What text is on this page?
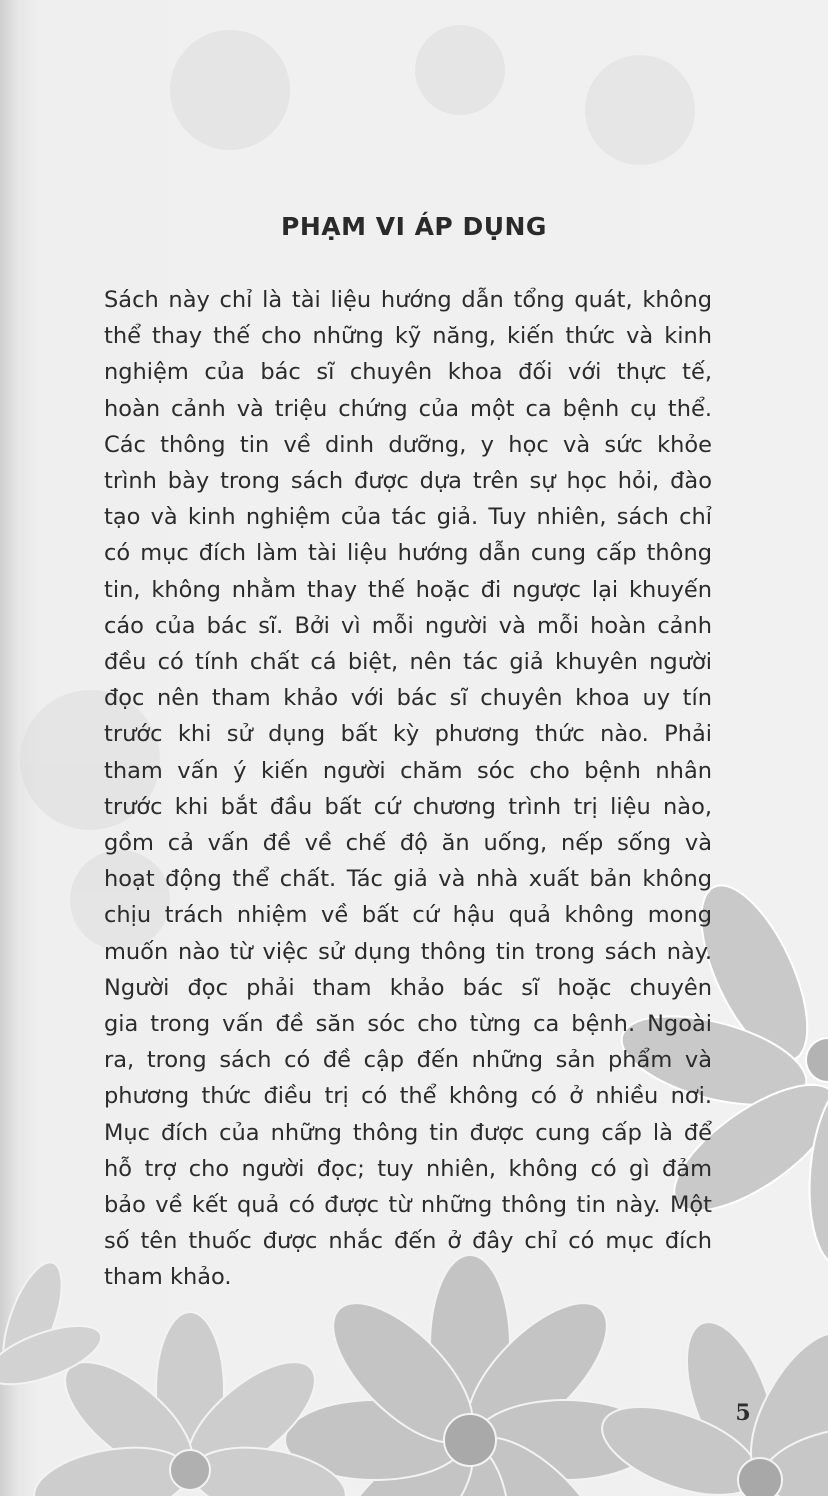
PHẠM VI ÁP DỤNG
Sách này chỉ là tài liệu hướng dẫn tổng quát, không
thể thay thế cho những kỹ năng, kiến thức và kinh
nghiệm của bác sĩ chuyên khoa đối với thực tế,
hoàn cảnh và triệu chứng của một ca bệnh cụ thể.
Các thông tin về dinh dưỡng, y học và sức khỏe
trình bày trong sách được dựa trên sự học hỏi, đào
tạo và kinh nghiệm của tác giả. Tuy nhiên, sách chỉ
có mục đích làm tài liệu hướng dẫn cung cấp thông
tin, không nhằm thay thế hoặc đi ngược lại khuyến
cáo của bác sĩ. Bởi vì mỗi người và mỗi hoàn cảnh
đều có tính chất cá biệt, nên tác giả khuyên người
đọc nên tham khảo với bác sĩ chuyên khoa uy tín
trước khi sử dụng bất kỳ phương thức nào. Phải
tham vấn ý kiến người chăm sóc cho bệnh nhân
trước khi bắt đầu bất cứ chương trình trị liệu nào,
gồm cả vấn đề về chế độ ăn uống, nếp sống và
hoạt động thể chất. Tác giả và nhà xuất bản không
chịu trách nhiệm về bất cứ hậu quả không mong
muốn nào từ việc sử dụng thông tin trong sách này.
Người đọc phải tham khảo bác sĩ hoặc chuyên
gia trong vấn đề săn sóc cho từng ca bệnh. Ngoài
ra, trong sách có đề cập đến những sản phẩm và
phương thức điều trị có thể không có ở nhiều nơi.
Mục đích của những thông tin được cung cấp là để
hỗ trợ cho người đọc; tuy nhiên, không có gì đảm
bảo về kết quả có được từ những thông tin này. Một
số tên thuốc được nhắc đến ở đây chỉ có mục đích
tham khảo.
5
